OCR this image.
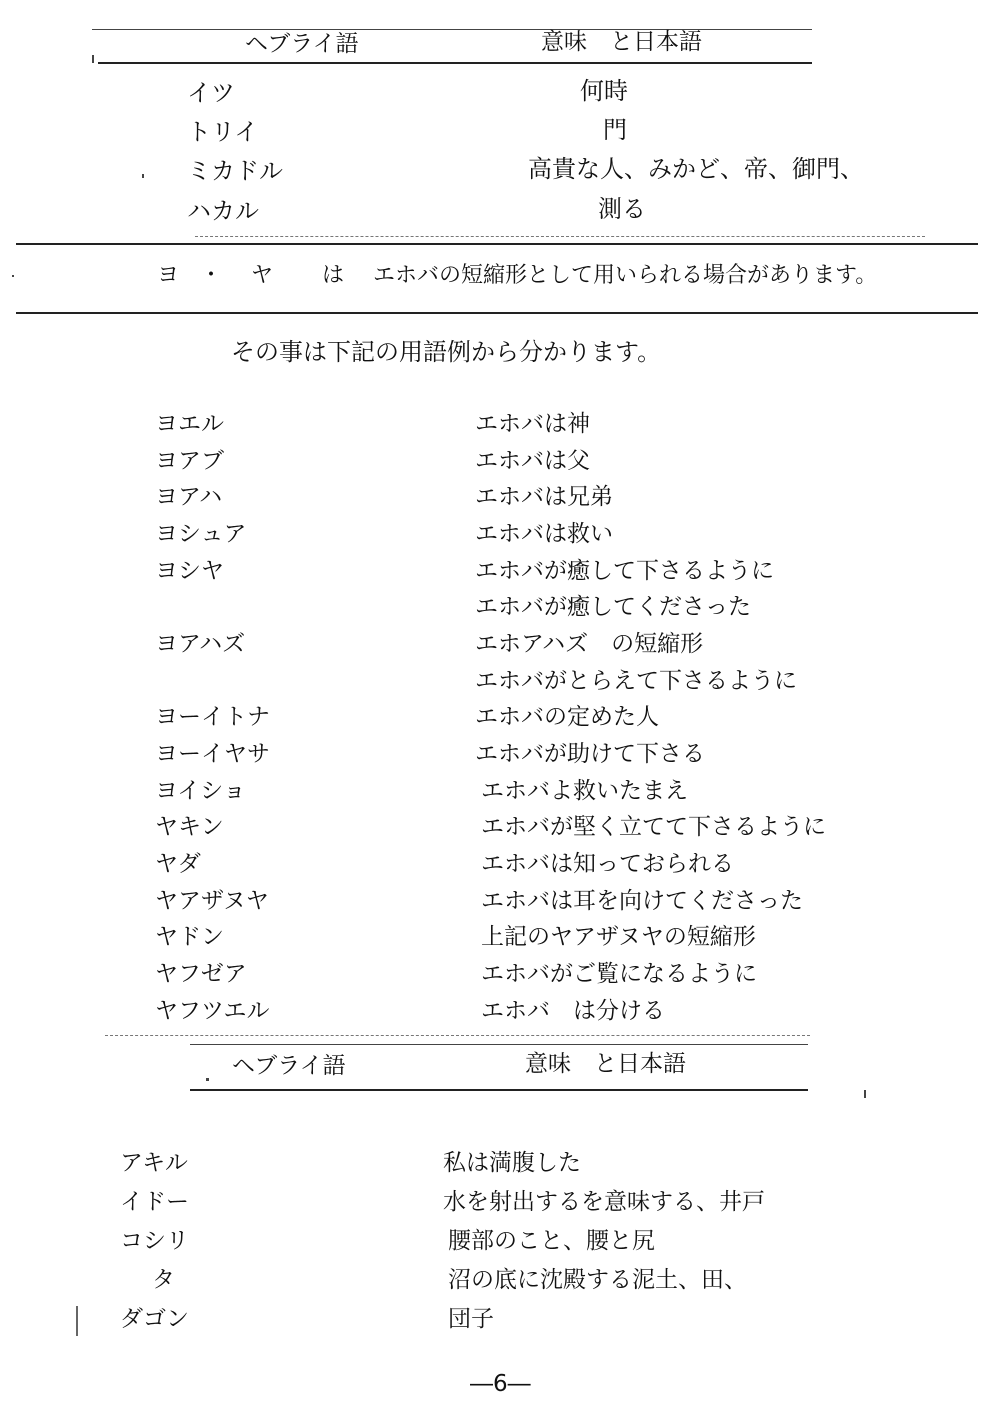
ヘブライ語	意味　と日本語
イツ	何時
トリイ	門
ミカドル	高貴な人、みかど、帝、御門、
ハカル	測る
ヨ ・ ヤ は エホバの短縮形として用いられる場合があります。
その事は下記の用語例から分かります。
ヨエル	エホバは神
ヨアブ	エホバは父
ヨアハ	エホバは兄弟
ヨシュア	エホバは救い
ヨシヤ	エホバが癒して下さるように
エホバが癒してくださった
ヨアハズ	エホアハズ　の短縮形
エホバがとらえて下さるように
ヨーイトナ	エホバの定めた人
ヨーイヤサ	エホバが助けて下さる
ヨイショ	エホバよ救いたまえ
ヤキン	エホバが堅く立てて下さるように
ヤダ	エホバは知っておられる
ヤアザヌヤ	エホバは耳を向けてくださった
ヤドン	上記のヤアザヌヤの短縮形
ヤフゼア	エホバがご覧になるように
ヤフツエル	エホバ　は分ける
ヘブライ語	意味　と日本語
アキル	私は満腹した
イドー	水を射出するを意味する、井戸
コシリ	腰部のこと、腰と尻
タ	沼の底に沈殿する泥土、田、
ダゴン	団子
―6―
